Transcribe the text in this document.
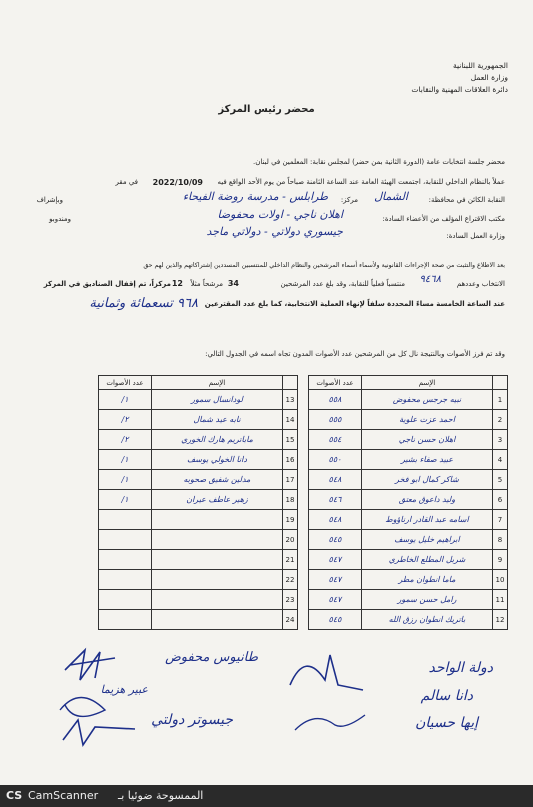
الجمهورية اللبنانية
وزارة العمل
دائرة العلاقات المهنية والنقابات
محضر رئيس المركز
محضر جلسة انتخابات عامة (الدورة الثانية بمن حضر) لمجلس نقابة: المعلمين في لبنان.
عملاً بالنظام الداخلي للنقابة، اجتمعت الهيئة العامة عند الساعة الثامنة صباحاً من يوم الأحد الواقع فيه
2022/10/09
في مقر
النقابة الكائن في محافظة:
الشمال
مركز:
طرابلس - مدرسة روضة الفيحاء
وبإشراف
مكتب الاقتراع المؤلف من الأعضاء السادة:
اهلان ناجي - اولات محفوضا
ومندوبو
وزارة العمل السادة:
جيسوري دولاتي - دولاتي ماجد
بعد الاطلاع والتثبت من صحة الإجراءات القانونية ولأسماء أسماء المرشحين والنظام الداخلي للمنتسبين المسددين إشتراكاتهم والذين لهم حق
الانتخاب وعددهم
٩٤٦٨
منتسباً فعلياً للنقابة، وقد بلغ عدد المرشحين
34
مرشحاً مثلاً
12
مركزاً، تم إقفال الصناديق في المركز
عند الساعة الخامسة مساءً المحددة سلفاً لإنهاء العملية الانتخابية، كما بلغ عدد المقترعين
٩٦٨ تسعمائة وثمانية
وقد تم فرز الأصوات وبالنتيجة نال كل من المرشحين عدد الأصوات المدون تجاه اسمه في الجدول التالي:
	الإسم	عدد الأصوات
1	نبيه جرجس محفوض	٥٥٨
2	احمد عزت علوية	٥٥٥
3	اهلان حسن ناجي	٥٥٤
4	عبيد صفاء بشير	٥٥٠
5	شاكر كمال ابو فخر	٥٤٨
6	وليد داعوق معتق	٥٤٦
7	اسامه عبد القادر ارناؤوط	٥٤٨
8	ابراهيم خليل يوسف	٥٤٥
9	شربل المطلع الخاطري	٥٤٧
10	ماما انطوان مطر	٥٤٧
11	رامل حسن سمور	٥٤٧
12	باتريك انطوان رزق الله	٥٤٥
	الإسم	عدد الأصوات
13	لودانسال سمور	١/
14	نابه عيد شمال	٢/
15	ماباتريم هارك الخوري	٢/
16	دانا الخولي يوسف	١/
17	مدلين شفيق صحوبه	١/
18	زهير عاطف عيران	١/
19		
20		
21		
22		
23		
24		
طانيوس محفوض
عبير هزيما
جيسوتر دولتي
دولة الواحد
دانا سالم
إيها حسيان
CS CamScanner الممسوحة ضوئيا بـ
